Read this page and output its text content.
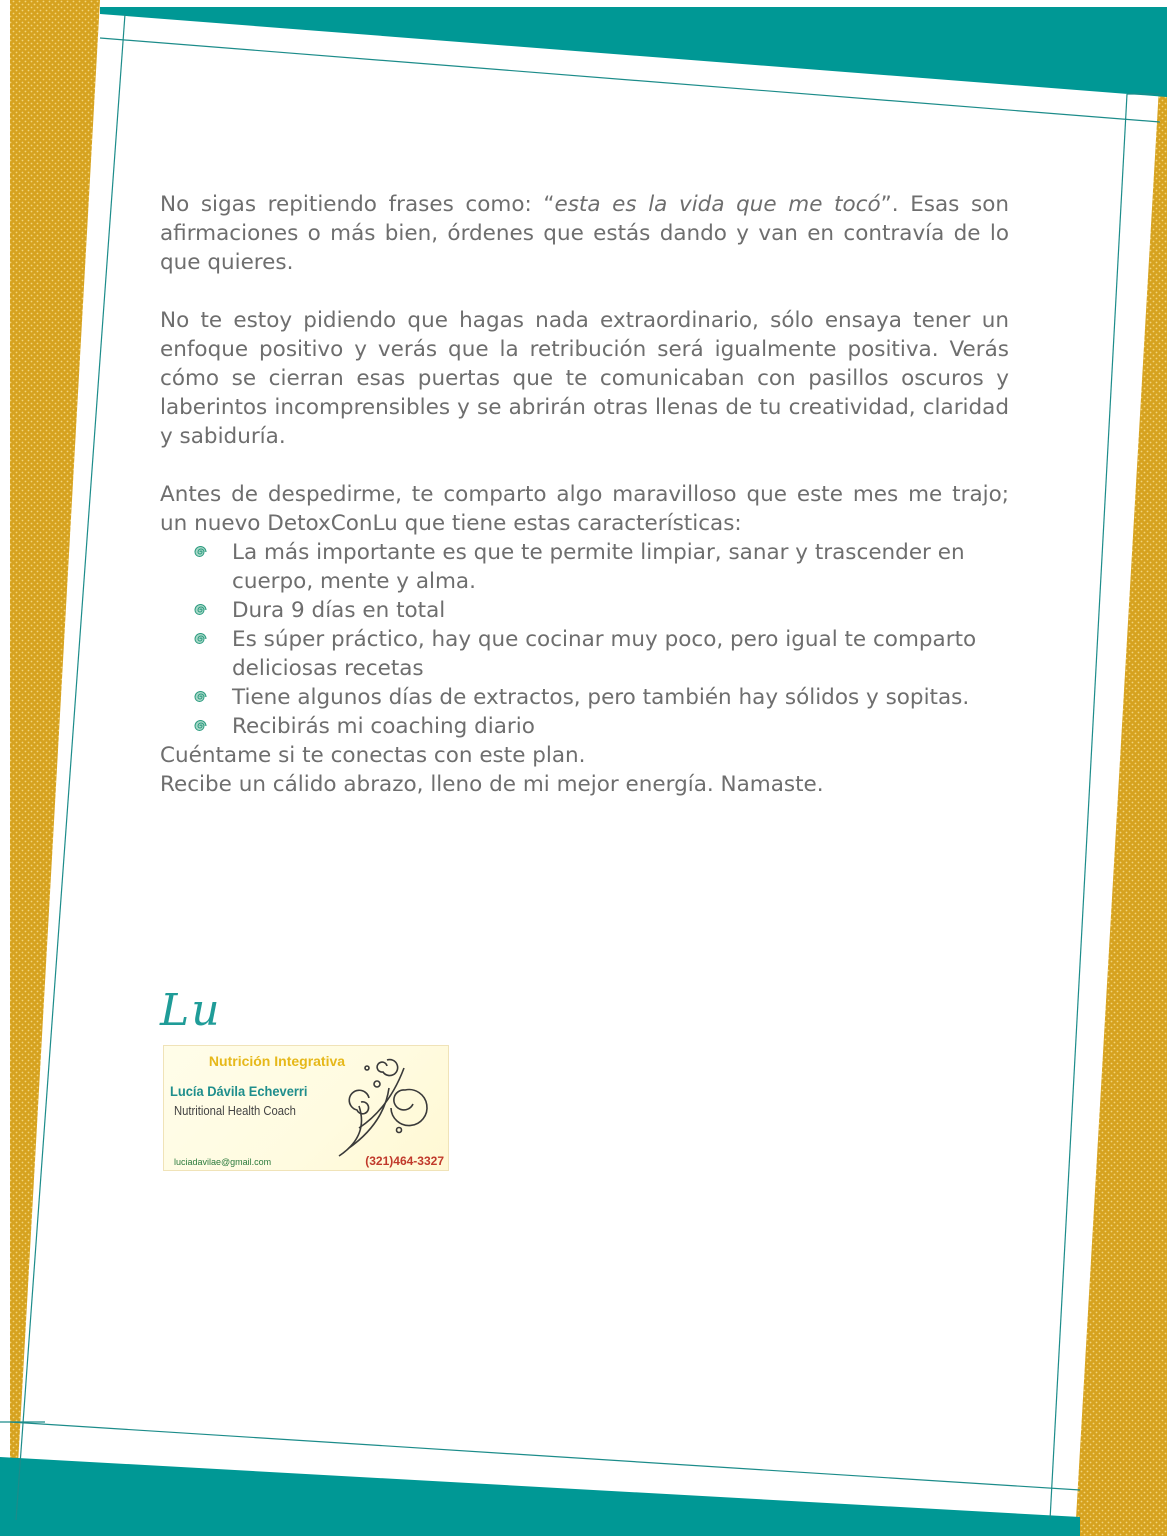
No sigas repitiendo frases como: “esta es la vida que me tocó”. Esas son afirmaciones o más bien, órdenes que estás dando y van en contravía de lo que quieres.

No te estoy pidiendo que hagas nada extraordinario, sólo ensaya tener un enfoque positivo y verás que la retribución será igualmente positiva. Verás cómo se cierran esas puertas que te comunicaban con pasillos oscuros y laberintos incomprensibles y se abrirán otras llenas de tu creatividad, claridad y sabiduría.

Antes de despedirme, te comparto algo maravilloso que este mes me trajo; un nuevo DetoxConLu que tiene estas características:

La más importante es que te permite limpiar, sanar y trascender en cuerpo, mente y alma.
Dura 9 días en total
Es súper práctico, hay que cocinar muy poco, pero igual te comparto deliciosas recetas
Tiene algunos días de extractos, pero también hay sólidos y sopitas.
Recibirás mi coaching diario

Cuéntame si te conectas con este plan.

Recibe un cálido abrazo, lleno de mi mejor energía. Namaste.

Lu
Nutrición Integrativa
Lucía Dávila Echeverri
Nutritional Health Coach
luciadavilae@gmail.com	(321)464-3327
